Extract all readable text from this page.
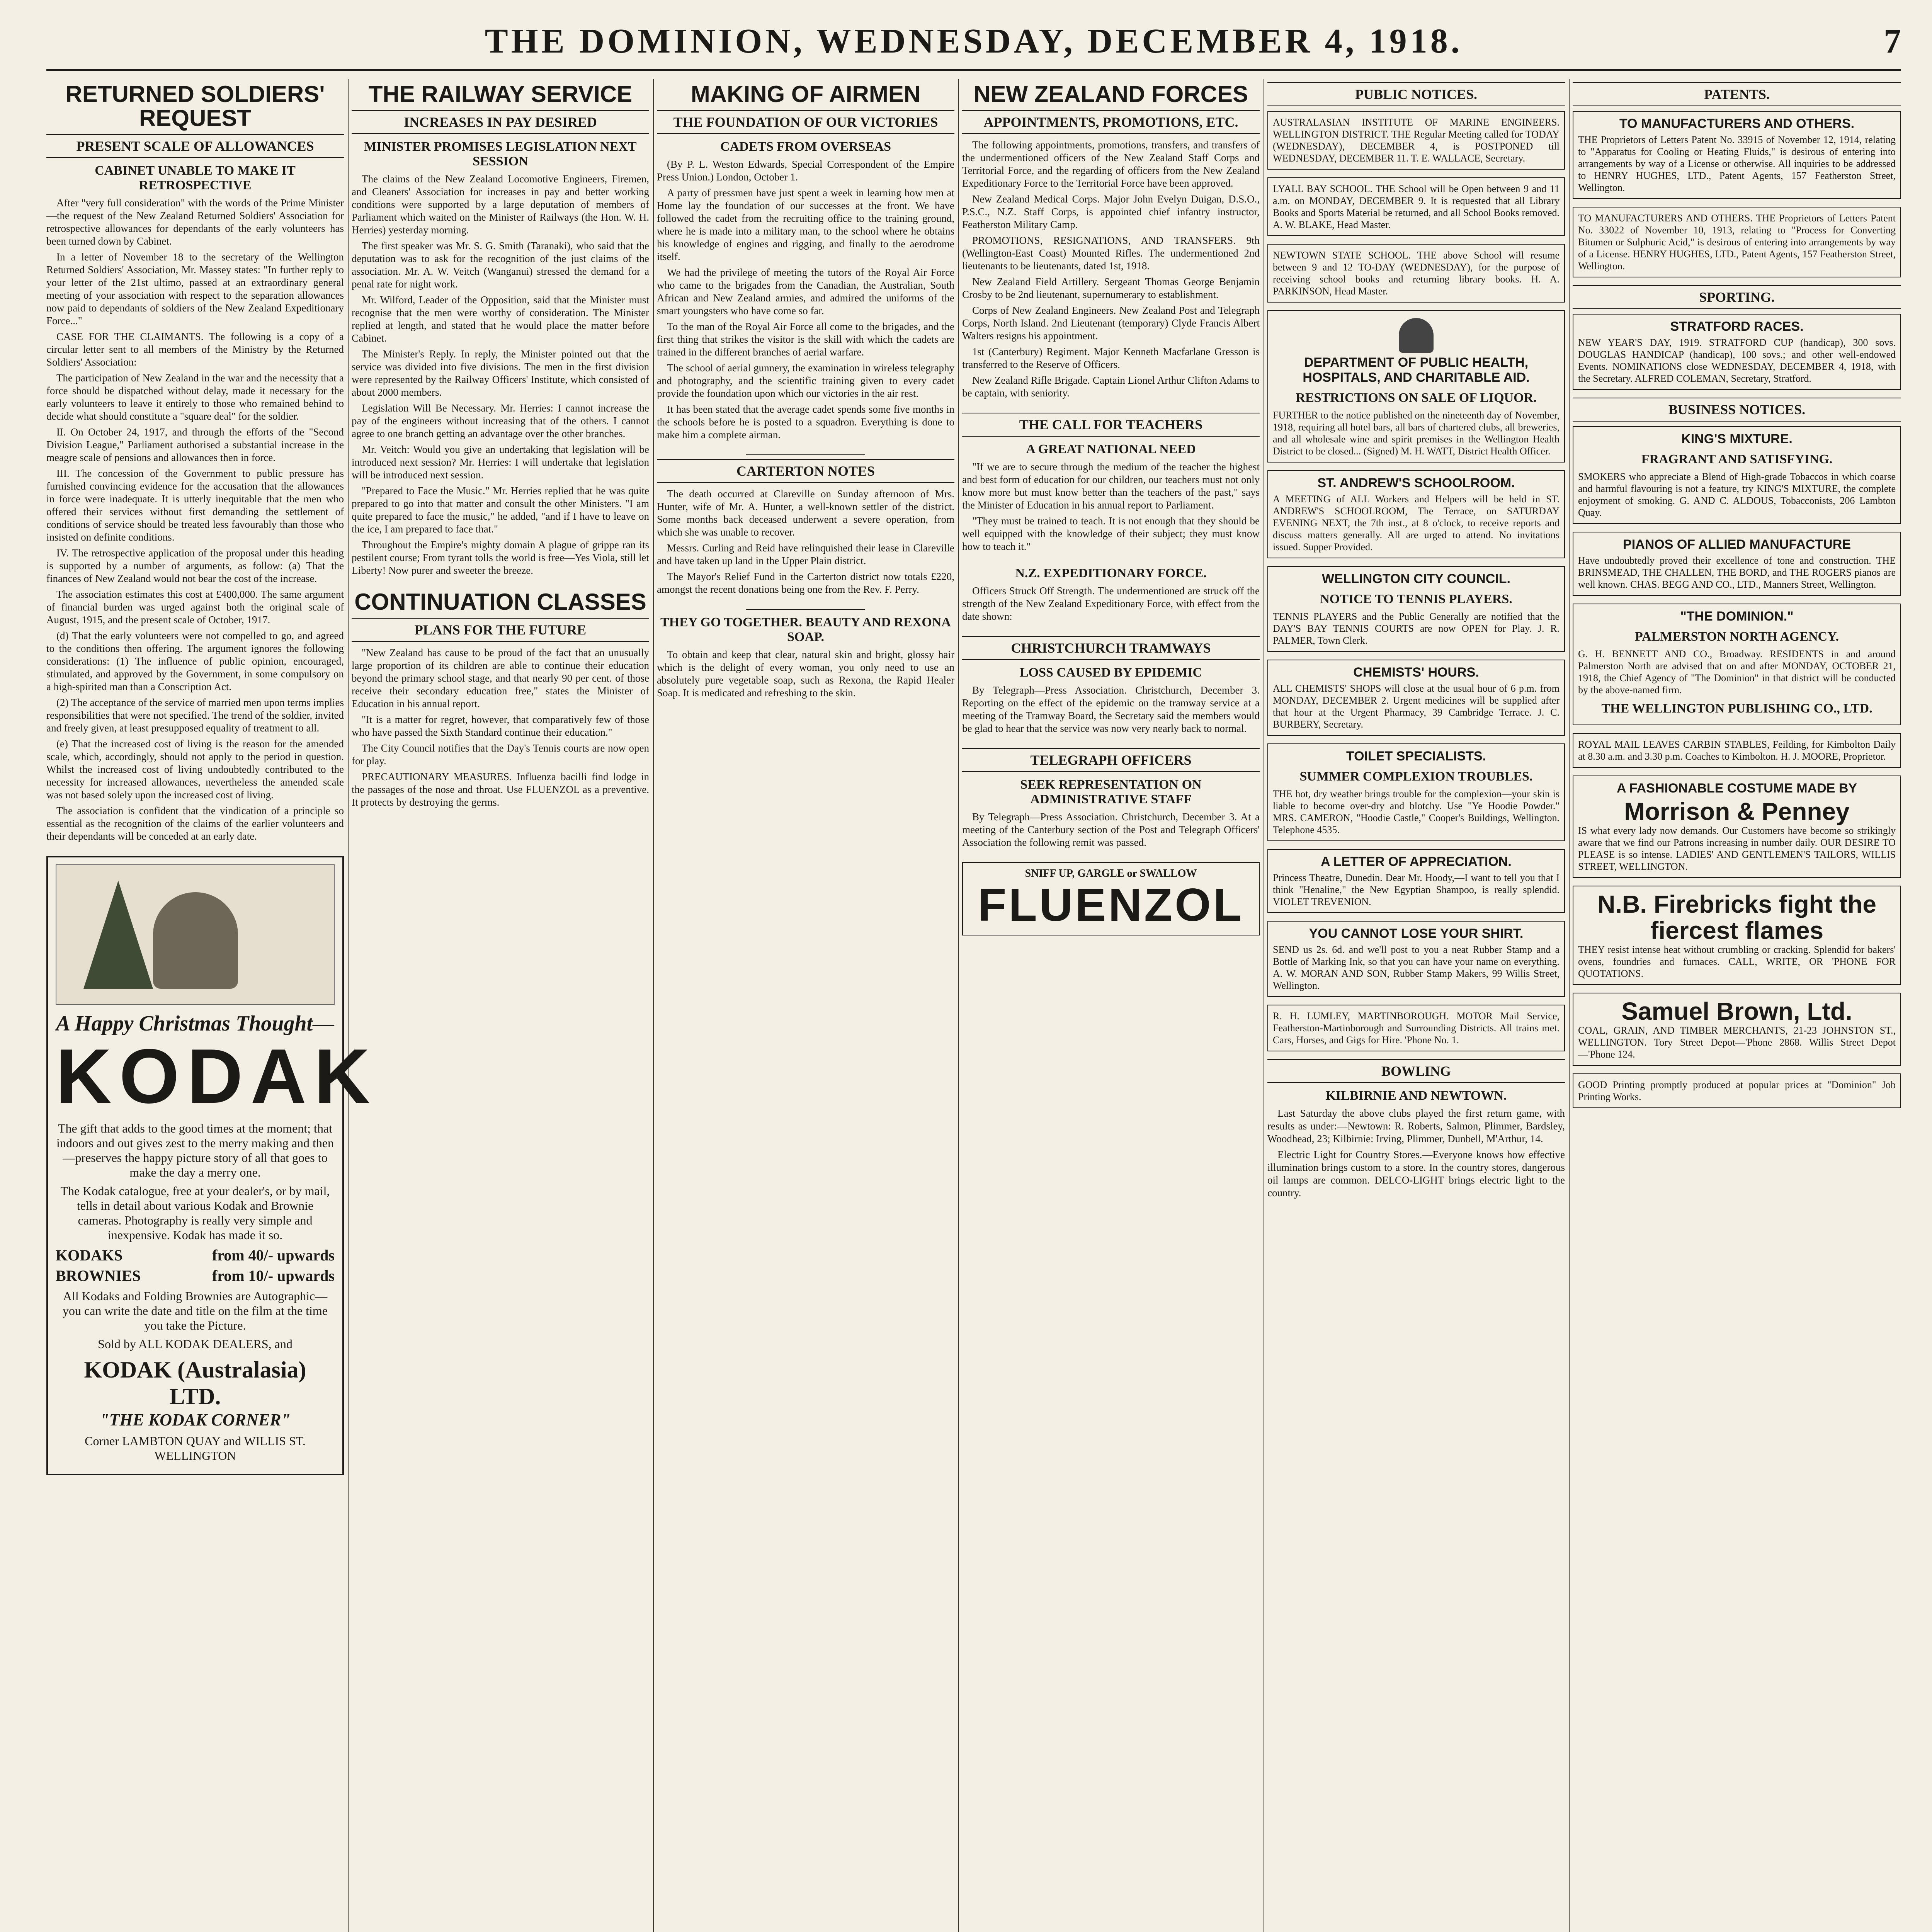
THE DOMINION, WEDNESDAY, DECEMBER 4, 1918.	7
RETURNED SOLDIERS' REQUEST
PRESENT SCALE OF ALLOWANCES
CABINET UNABLE TO MAKE IT RETROSPECTIVE

After "very full consideration" with the words of the Prime Minister—the request of the New Zealand Returned Soldiers' Association for retrospective allowances for dependants of the early volunteers has been turned down by Cabinet.

In a letter of November 18 to the secretary of the Wellington Returned Soldiers' Association, Mr. Massey states: "In further reply to your letter of the 21st ultimo, passed at an extraordinary general meeting of your association with respect to the separation allowances now paid to dependants of soldiers of the New Zealand Expeditionary Force..."

CASE FOR THE CLAIMANTS. The following is a copy of a circular letter sent to all members of the Ministry by the Returned Soldiers' Association:

The participation of New Zealand in the war and the necessity that a force should be dispatched without delay, made it necessary for the early volunteers to leave it entirely to those who remained behind to decide what should constitute a "square deal" for the soldier.

II. On October 24, 1917, and through the efforts of the "Second Division League," Parliament authorised a substantial increase in the meagre scale of pensions and allowances then in force.

III. The concession of the Government to public pressure has furnished convincing evidence for the accusation that the allowances in force were inadequate. It is utterly inequitable that the men who offered their services without first demanding the settlement of conditions of service should be treated less favourably than those who insisted on definite conditions.

IV. The retrospective application of the proposal under this heading is supported by a number of arguments, as follow: (a) That the finances of New Zealand would not bear the cost of the increase.

The association estimates this cost at £400,000. The same argument of financial burden was urged against both the original scale of August, 1915, and the present scale of October, 1917.

(d) That the early volunteers were not compelled to go, and agreed to the conditions then offering. The argument ignores the following considerations: (1) The influence of public opinion, encouraged, stimulated, and approved by the Government, in some compulsory on a high-spirited man than a Conscription Act.

(2) The acceptance of the service of married men upon terms implies responsibilities that were not specified. The trend of the soldier, invited and freely given, at least presupposed equality of treatment to all.

(e) That the increased cost of living is the reason for the amended scale, which, accordingly, should not apply to the period in question. Whilst the increased cost of living undoubtedly contributed to the necessity for increased allowances, nevertheless the amended scale was not based solely upon the increased cost of living.

The association is confident that the vindication of a principle so essential as the recognition of the claims of the earlier volunteers and their dependants will be conceded at an early date.

A Happy Christmas Thought—
KODAK
The gift that adds to the good times at the moment; that indoors and out gives zest to the merry making and then—preserves the happy picture story of all that goes to make the day a merry one.
The Kodak catalogue, free at your dealer's, or by mail, tells in detail about various Kodak and Brownie cameras. Photography is really very simple and inexpensive. Kodak has made it so.
KODAKS	from 40/- upwards
BROWNIES	from 10/- upwards
All Kodaks and Folding Brownies are Autographic—you can write the date and title on the film at the time you take the Picture.
Sold by ALL KODAK DEALERS, and
KODAK (Australasia) LTD.
"THE KODAK CORNER"
Corner LAMBTON QUAY and WILLIS ST. WELLINGTON
THE RAILWAY SERVICE
INCREASES IN PAY DESIRED
MINISTER PROMISES LEGISLATION NEXT SESSION

The claims of the New Zealand Locomotive Engineers, Firemen, and Cleaners' Association for increases in pay and better working conditions were supported by a large deputation of members of Parliament which waited on the Minister of Railways (the Hon. W. H. Herries) yesterday morning.

The first speaker was Mr. S. G. Smith (Taranaki), who said that the deputation was to ask for the recognition of the just claims of the association. Mr. A. W. Veitch (Wanganui) stressed the demand for a penal rate for night work.

Mr. Wilford, Leader of the Opposition, said that the Minister must recognise that the men were worthy of consideration. The Minister replied at length, and stated that he would place the matter before Cabinet.

The Minister's Reply. In reply, the Minister pointed out that the service was divided into five divisions. The men in the first division were represented by the Railway Officers' Institute, which consisted of about 2000 members.

Legislation Will Be Necessary. Mr. Herries: I cannot increase the pay of the engineers without increasing that of the others. I cannot agree to one branch getting an advantage over the other branches.

Mr. Veitch: Would you give an undertaking that legislation will be introduced next session? Mr. Herries: I will undertake that legislation will be introduced next session.

"Prepared to Face the Music." Mr. Herries replied that he was quite prepared to go into that matter and consult the other Ministers. "I am quite prepared to face the music," he added, "and if I have to leave on the ice, I am prepared to face that."

Throughout the Empire's mighty domain A plague of grippe ran its pestilent course; From tyrant tolls the world is free—Yes Viola, still let Liberty! Now purer and sweeter the breeze.

CONTINUATION CLASSES
PLANS FOR THE FUTURE

"New Zealand has cause to be proud of the fact that an unusually large proportion of its children are able to continue their education beyond the primary school stage, and that nearly 90 per cent. of those receive their secondary education free," states the Minister of Education in his annual report.

"It is a matter for regret, however, that comparatively few of those who have passed the Sixth Standard continue their education."

The City Council notifies that the Day's Tennis courts are now open for play.

PRECAUTIONARY MEASURES. Influenza bacilli find lodge in the passages of the nose and throat. Use FLUENZOL as a preventive. It protects by destroying the germs.

MAKING OF AIRMEN
THE FOUNDATION OF OUR VICTORIES
CADETS FROM OVERSEAS

(By P. L. Weston Edwards, Special Correspondent of the Empire Press Union.) London, October 1.

A party of pressmen have just spent a week in learning how men at Home lay the foundation of our successes at the front. We have followed the cadet from the recruiting office to the training ground, where he is made into a military man, to the school where he obtains his knowledge of engines and rigging, and finally to the aerodrome itself.

We had the privilege of meeting the tutors of the Royal Air Force who came to the brigades from the Canadian, the Australian, South African and New Zealand armies, and admired the uniforms of the smart youngsters who have come so far.

To the man of the Royal Air Force all come to the brigades, and the first thing that strikes the visitor is the skill with which the cadets are trained in the different branches of aerial warfare.

The school of aerial gunnery, the examination in wireless telegraphy and photography, and the scientific training given to every cadet provide the foundation upon which our victories in the air rest.

It has been stated that the average cadet spends some five months in the schools before he is posted to a squadron. Everything is done to make him a complete airman.

CARTERTON NOTES

The death occurred at Clareville on Sunday afternoon of Mrs. Hunter, wife of Mr. A. Hunter, a well-known settler of the district. Some months back deceased underwent a severe operation, from which she was unable to recover.

Messrs. Curling and Reid have relinquished their lease in Clareville and have taken up land in the Upper Plain district.

The Mayor's Relief Fund in the Carterton district now totals £220, amongst the recent donations being one from the Rev. F. Perry.

THEY GO TOGETHER. BEAUTY AND REXONA SOAP.

To obtain and keep that clear, natural skin and bright, glossy hair which is the delight of every woman, you only need to use an absolutely pure vegetable soap, such as Rexona, the Rapid Healer Soap. It is medicated and refreshing to the skin.

NEW ZEALAND FORCES
APPOINTMENTS, PROMOTIONS, ETC.

The following appointments, promotions, transfers, and transfers of the undermentioned officers of the New Zealand Staff Corps and Territorial Force, and the regarding of officers from the New Zealand Expeditionary Force to the Territorial Force have been approved.

New Zealand Medical Corps. Major John Evelyn Duigan, D.S.O., P.S.C., N.Z. Staff Corps, is appointed chief infantry instructor, Featherston Military Camp.

PROMOTIONS, RESIGNATIONS, AND TRANSFERS. 9th (Wellington-East Coast) Mounted Rifles. The undermentioned 2nd lieutenants to be lieutenants, dated 1st, 1918.

New Zealand Field Artillery. Sergeant Thomas George Benjamin Crosby to be 2nd lieutenant, supernumerary to establishment.

Corps of New Zealand Engineers. New Zealand Post and Telegraph Corps, North Island. 2nd Lieutenant (temporary) Clyde Francis Albert Walters resigns his appointment.

1st (Canterbury) Regiment. Major Kenneth Macfarlane Gresson is transferred to the Reserve of Officers.

New Zealand Rifle Brigade. Captain Lionel Arthur Clifton Adams to be captain, with seniority.

THE CALL FOR TEACHERS
A GREAT NATIONAL NEED

"If we are to secure through the medium of the teacher the highest and best form of education for our children, our teachers must not only know more but must know better than the teachers of the past," says the Minister of Education in his annual report to Parliament.

"They must be trained to teach. It is not enough that they should be well equipped with the knowledge of their subject; they must know how to teach it."

N.Z. EXPEDITIONARY FORCE.

Officers Struck Off Strength. The undermentioned are struck off the strength of the New Zealand Expeditionary Force, with effect from the date shown:

CHRISTCHURCH TRAMWAYS
LOSS CAUSED BY EPIDEMIC

By Telegraph—Press Association. Christchurch, December 3. Reporting on the effect of the epidemic on the tramway service at a meeting of the Tramway Board, the Secretary said the members would be glad to hear that the service was now very nearly back to normal.

TELEGRAPH OFFICERS
SEEK REPRESENTATION ON ADMINISTRATIVE STAFF

By Telegraph—Press Association. Christchurch, December 3. At a meeting of the Canterbury section of the Post and Telegraph Officers' Association the following remit was passed.

SNIFF UP, GARGLE or SWALLOW
FLUENZOL
PUBLIC NOTICES.
AUSTRALASIAN INSTITUTE OF MARINE ENGINEERS. WELLINGTON DISTRICT. THE Regular Meeting called for TODAY (WEDNESDAY), DECEMBER 4, is POSTPONED till WEDNESDAY, DECEMBER 11. T. E. WALLACE, Secretary.
LYALL BAY SCHOOL. THE School will be Open between 9 and 11 a.m. on MONDAY, DECEMBER 9. It is requested that all Library Books and Sports Material be returned, and all School Books removed. A. W. BLAKE, Head Master.
NEWTOWN STATE SCHOOL. THE above School will resume between 9 and 12 TO-DAY (WEDNESDAY), for the purpose of receiving school books and returning library books. H. A. PARKINSON, Head Master.
DEPARTMENT OF PUBLIC HEALTH, HOSPITALS, AND CHARITABLE AID.
RESTRICTIONS ON SALE OF LIQUOR.
FURTHER to the notice published on the nineteenth day of November, 1918, requiring all hotel bars, all bars of chartered clubs, all breweries, and all wholesale wine and spirit premises in the Wellington Health District to be closed... (Signed) M. H. WATT, District Health Officer.
ST. ANDREW'S SCHOOLROOM.
A MEETING of ALL Workers and Helpers will be held in ST. ANDREW'S SCHOOLROOM, The Terrace, on SATURDAY EVENING NEXT, the 7th inst., at 8 o'clock, to receive reports and discuss matters generally. All are urged to attend. No invitations issued. Supper Provided.
WELLINGTON CITY COUNCIL.
NOTICE TO TENNIS PLAYERS.
TENNIS PLAYERS and the Public Generally are notified that the DAY'S BAY TENNIS COURTS are now OPEN for Play. J. R. PALMER, Town Clerk.
CHEMISTS' HOURS.
ALL CHEMISTS' SHOPS will close at the usual hour of 6 p.m. from MONDAY, DECEMBER 2. Urgent medicines will be supplied after that hour at the Urgent Pharmacy, 39 Cambridge Terrace. J. C. BURBERY, Secretary.
TOILET SPECIALISTS.
SUMMER COMPLEXION TROUBLES.
THE hot, dry weather brings trouble for the complexion—your skin is liable to become over-dry and blotchy. Use "Ye Hoodie Powder." MRS. CAMERON, "Hoodie Castle," Cooper's Buildings, Wellington. Telephone 4535.
A LETTER OF APPRECIATION.
Princess Theatre, Dunedin. Dear Mr. Hoody,—I want to tell you that I think "Henaline," the New Egyptian Shampoo, is really splendid. VIOLET TREVENION.
YOU CANNOT LOSE YOUR SHIRT.
SEND us 2s. 6d. and we'll post to you a neat Rubber Stamp and a Bottle of Marking Ink, so that you can have your name on everything. A. W. MORAN AND SON, Rubber Stamp Makers, 99 Willis Street, Wellington.
R. H. LUMLEY, MARTINBOROUGH. MOTOR Mail Service, Featherston-Martinborough and Surrounding Districts. All trains met. Cars, Horses, and Gigs for Hire. 'Phone No. 1.
BOWLING
KILBIRNIE AND NEWTOWN.

Last Saturday the above clubs played the first return game, with results as under:—Newtown: R. Roberts, Salmon, Plimmer, Bardsley, Woodhead, 23; Kilbirnie: Irving, Plimmer, Dunbell, M'Arthur, 14.

Electric Light for Country Stores.—Everyone knows how effective illumination brings custom to a store. In the country stores, dangerous oil lamps are common. DELCO-LIGHT brings electric light to the country.

PATENTS.
TO MANUFACTURERS AND OTHERS.
THE Proprietors of Letters Patent No. 33915 of November 12, 1914, relating to "Apparatus for Cooling or Heating Fluids," is desirous of entering into arrangements by way of a License or otherwise. All inquiries to be addressed to HENRY HUGHES, LTD., Patent Agents, 157 Featherston Street, Wellington.
TO MANUFACTURERS AND OTHERS. THE Proprietors of Letters Patent No. 33022 of November 10, 1913, relating to "Process for Converting Bitumen or Sulphuric Acid," is desirous of entering into arrangements by way of a License. HENRY HUGHES, LTD., Patent Agents, 157 Featherston Street, Wellington.
SPORTING.
STRATFORD RACES.
NEW YEAR'S DAY, 1919. STRATFORD CUP (handicap), 300 sovs. DOUGLAS HANDICAP (handicap), 100 sovs.; and other well-endowed Events. NOMINATIONS close WEDNESDAY, DECEMBER 4, 1918, with the Secretary. ALFRED COLEMAN, Secretary, Stratford.
BUSINESS NOTICES.
KING'S MIXTURE.
FRAGRANT AND SATISFYING.
SMOKERS who appreciate a Blend of High-grade Tobaccos in which coarse and harmful flavouring is not a feature, try KING'S MIXTURE, the complete enjoyment of smoking. G. AND C. ALDOUS, Tobacconists, 206 Lambton Quay.
PIANOS OF ALLIED MANUFACTURE
Have undoubtedly proved their excellence of tone and construction. THE BRINSMEAD, THE CHALLEN, THE BORD, and THE ROGERS pianos are well known. CHAS. BEGG AND CO., LTD., Manners Street, Wellington.
"THE DOMINION."
PALMERSTON NORTH AGENCY.
G. H. BENNETT AND CO., Broadway. RESIDENTS in and around Palmerston North are advised that on and after MONDAY, OCTOBER 21, 1918, the Chief Agency of "The Dominion" in that district will be conducted by the above-named firm.
THE WELLINGTON PUBLISHING CO., LTD.
ROYAL MAIL LEAVES CARBIN STABLES, Feilding, for Kimbolton Daily at 8.30 a.m. and 3.30 p.m. Coaches to Kimbolton. H. J. MOORE, Proprietor.
A FASHIONABLE COSTUME MADE BY
Morrison & Penney
IS what every lady now demands. Our Customers have become so strikingly aware that we find our Patrons increasing in number daily. OUR DESIRE TO PLEASE is so intense. LADIES' AND GENTLEMEN'S TAILORS, WILLIS STREET, WELLINGTON.
N.B. Firebricks fight the fiercest flames
THEY resist intense heat without crumbling or cracking. Splendid for bakers' ovens, foundries and furnaces. CALL, WRITE, OR 'PHONE FOR QUOTATIONS.
Samuel Brown, Ltd.
COAL, GRAIN, AND TIMBER MERCHANTS, 21-23 JOHNSTON ST., WELLINGTON. Tory Street Depot—'Phone 2868. Willis Street Depot—'Phone 124.
GOOD Printing promptly produced at popular prices at "Dominion" Job Printing Works.
